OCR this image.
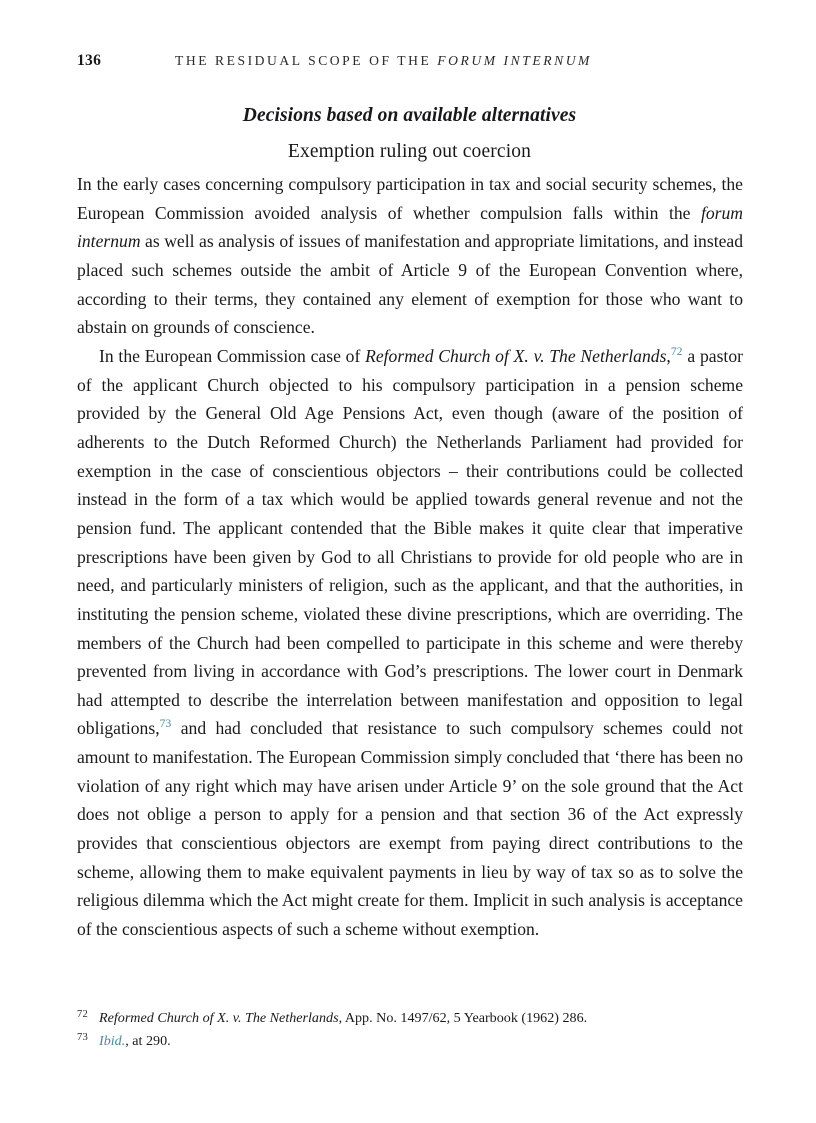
136	THE RESIDUAL SCOPE OF THE FORUM INTERNUM
Decisions based on available alternatives
Exemption ruling out coercion

In the early cases concerning compulsory participation in tax and social security schemes, the European Commission avoided analysis of whether compulsion falls within the forum internum as well as analysis of issues of manifestation and appropriate limitations, and instead placed such schemes outside the ambit of Article 9 of the European Convention where, according to their terms, they contained any element of exemption for those who want to abstain on grounds of conscience.

In the European Commission case of Reformed Church of X. v. The Netherlands,$^{72}$ a pastor of the applicant Church objected to his compulsory participation in a pension scheme provided by the General Old Age Pensions Act, even though (aware of the position of adherents to the Dutch Reformed Church) the Netherlands Parliament had provided for exemption in the case of conscientious objectors – their contributions could be collected instead in the form of a tax which would be applied towards general revenue and not the pension fund. The applicant contended that the Bible makes it quite clear that imperative prescriptions have been given by God to all Christians to provide for old people who are in need, and particularly ministers of religion, such as the applicant, and that the authorities, in instituting the pension scheme, violated these divine prescriptions, which are overriding. The members of the Church had been compelled to participate in this scheme and were thereby prevented from living in accordance with God’s prescriptions. The lower court in Denmark had attempted to describe the interrelation between manifestation and opposition to legal obligations,$^{73}$ and had concluded that resistance to such compulsory schemes could not amount to manifestation. The European Commission simply concluded that ‘there has been no violation of any right which may have arisen under Article 9’ on the sole ground that the Act does not oblige a person to apply for a pension and that section 36 of the Act expressly provides that conscientious objectors are exempt from paying direct contributions to the scheme, allowing them to make equivalent payments in lieu by way of tax so as to solve the religious dilemma which the Act might create for them. Implicit in such analysis is acceptance of the conscientious aspects of such a scheme without exemption.

72 Reformed Church of X. v. The Netherlands, App. No. 1497/62, 5 Yearbook (1962) 286.
73 Ibid., at 290.
